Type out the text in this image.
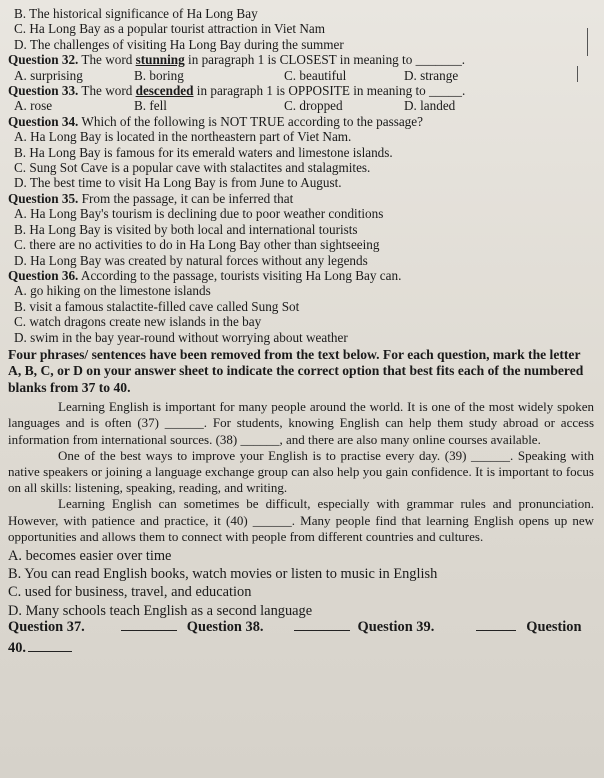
B. The historical significance of Ha Long Bay
C. Ha Long Bay as a popular tourist attraction in Viet Nam
D. The challenges of visiting Ha Long Bay during the summer
Question 32. The word stunning in paragraph 1 is CLOSEST in meaning to _______.
A. surprising	B. boring	C. beautiful	D. strange
Question 33. The word descended in paragraph 1 is OPPOSITE in meaning to _____.
A. rose	B. fell	C. dropped	D. landed
Question 34. Which of the following is NOT TRUE according to the passage?
A. Ha Long Bay is located in the northeastern part of Viet Nam.
B. Ha Long Bay is famous for its emerald waters and limestone islands.
C. Sung Sot Cave is a popular cave with stalactites and stalagmites.
D. The best time to visit Ha Long Bay is from June to August.
Question 35. From the passage, it can be inferred that
A. Ha Long Bay's tourism is declining due to poor weather conditions
B. Ha Long Bay is visited by both local and international tourists
C. there are no activities to do in Ha Long Bay other than sightseeing
D. Ha Long Bay was created by natural forces without any legends
Question 36. According to the passage, tourists visiting Ha Long Bay can.
A. go hiking on the limestone islands
B. visit a famous stalactite-filled cave called Sung Sot
C. watch dragons create new islands in the bay
D. swim in the bay year-round without worrying about weather
Four phrases/ sentences have been removed from the text below. For each question, mark the letter A, B, C, or D on your answer sheet to indicate the correct option that best fits each of the numbered blanks from 37 to 40.
Learning English is important for many people around the world. It is one of the most widely spoken languages and is often (37) ______. For students, knowing English can help them study abroad or access information from international sources. (38) ______, and there are also many online courses available.
One of the best ways to improve your English is to practise every day. (39) ______. Speaking with native speakers or joining a language exchange group can also help you gain confidence. It is important to focus on all skills: listening, speaking, reading, and writing.
Learning English can sometimes be difficult, especially with grammar rules and pronunciation. However, with patience and practice, it (40) ______. Many people find that learning English opens up new opportunities and allows them to connect with people from different countries and cultures.
A. becomes easier over time
B. You can read English books, watch movies or listen to music in English
C. used for business, travel, and education
D. Many schools teach English as a second language
Question 37.	Question 38.	Question 39.	Question
40.
